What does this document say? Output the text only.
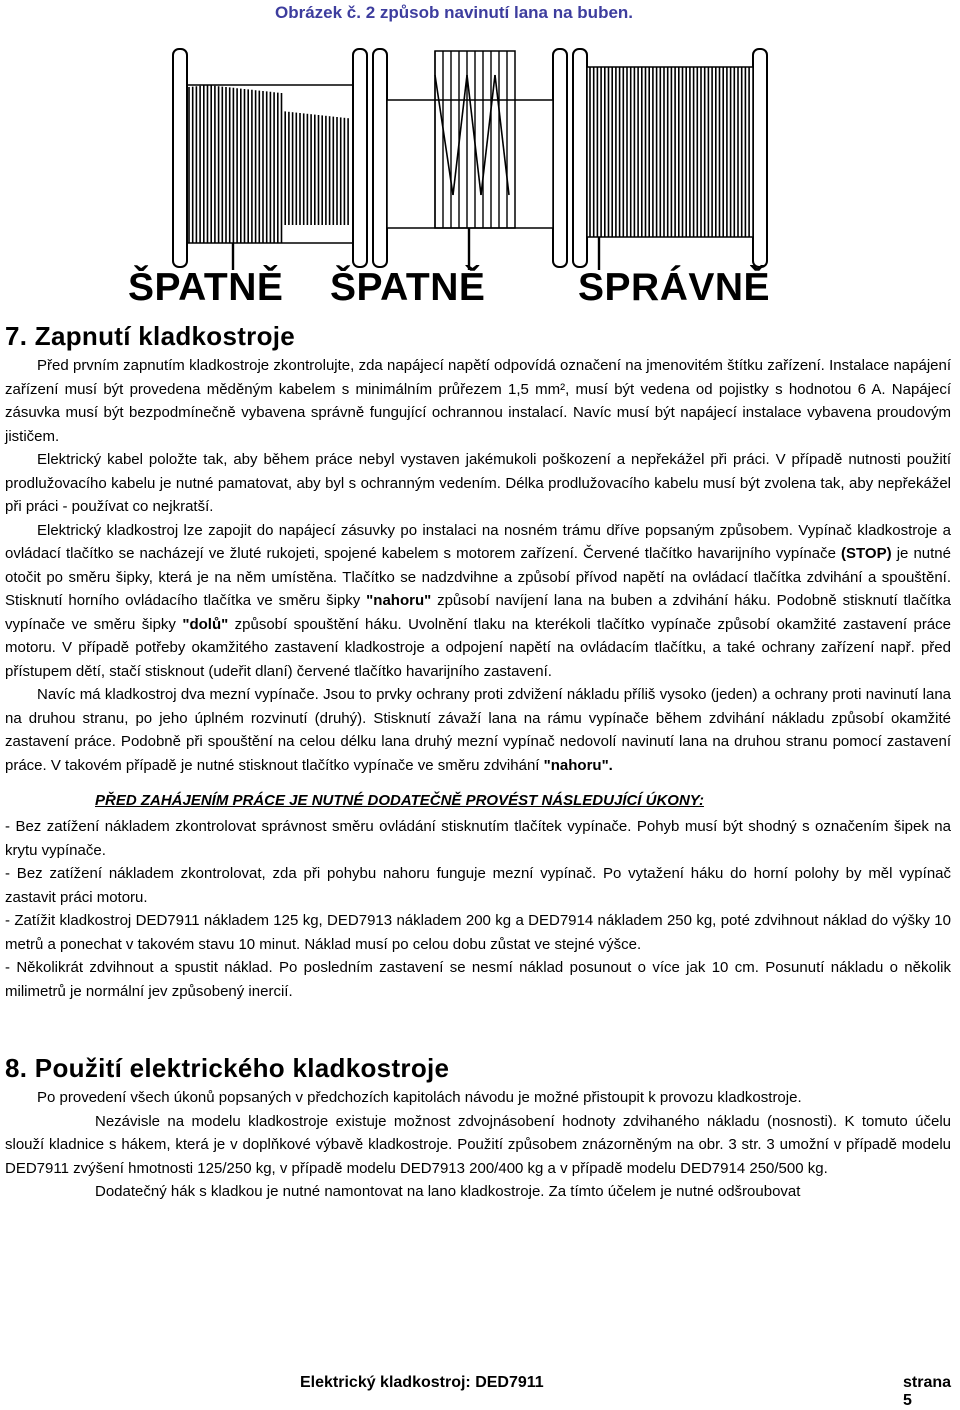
Obrázek č. 2 způsob navinutí lana na buben.
ŠPATNĚ ŠPATNĚ SPRÁVNĚ
7. Zapnutí kladkostroje

Před prvním zapnutím kladkostroje zkontrolujte, zda napájecí napětí odpovídá označení na jmenovitém štítku zařízení. Instalace napájení zařízení musí být provedena měděným kabelem s minimálním průřezem 1,5 mm², musí být vedena od pojistky s hodnotou 6 A. Napájecí zásuvka musí být bezpodmínečně vybavena správně fungující ochrannou instalací. Navíc musí být napájecí instalace vybavena proudovým jističem.

Elektrický kabel položte tak, aby během práce nebyl vystaven jakémukoli poškození a nepřekážel při práci. V případě nutnosti použití prodlužovacího kabelu je nutné pamatovat, aby byl s ochranným vedením. Délka prodlužovacího kabelu musí být zvolena tak, aby nepřekážel při práci - používat co nejkratší.

Elektrický kladkostroj lze zapojit do napájecí zásuvky po instalaci na nosném trámu dříve popsaným způsobem. Vypínač kladkostroje a ovládací tlačítko se nacházejí ve žluté rukojeti, spojené kabelem s motorem zařízení. Červené tlačítko havarijního vypínače (STOP) je nutné otočit po směru šipky, která je na něm umístěna. Tlačítko se nadzdvihne a způsobí přívod napětí na ovládací tlačítka zdvihání a spouštění. Stisknutí horního ovládacího tlačítka ve směru šipky "nahoru" způsobí navíjení lana na buben a zdvihání háku. Podobně stisknutí tlačítka vypínače ve směru šipky "dolů" způsobí spouštění háku. Uvolnění tlaku na kterékoli tlačítko vypínače způsobí okamžité zastavení práce motoru. V případě potřeby okamžitého zastavení kladkostroje a odpojení napětí na ovládacím tlačítku, a také ochrany zařízení např. před přístupem dětí, stačí stisknout (udeřit dlaní) červené tlačítko havarijního zastavení.

Navíc má kladkostroj dva mezní vypínače. Jsou to prvky ochrany proti zdvižení nákladu příliš vysoko (jeden) a ochrany proti navinutí lana na druhou stranu, po jeho úplném rozvinutí (druhý). Stisknutí závaží lana na rámu vypínače během zdvihání nákladu způsobí okamžité zastavení práce. Podobně při spouštění na celou délku lana druhý mezní vypínač nedovolí navinutí lana na druhou stranu pomocí zastavení práce. V takovém případě je nutné stisknout tlačítko vypínače ve směru zdvihání "nahoru".

PŘED ZAHÁJENÍM PRÁCE JE NUTNÉ DODATEČNĚ PROVÉST NÁSLEDUJÍCÍ ÚKONY:

- Bez zatížení nákladem zkontrolovat správnost směru ovládání stisknutím tlačítek vypínače. Pohyb musí být shodný s označením šipek na krytu vypínače.

- Bez zatížení nákladem zkontrolovat, zda při pohybu nahoru funguje mezní vypínač. Po vytažení háku do horní polohy by měl vypínač zastavit práci motoru.

- Zatížit kladkostroj DED7911 nákladem 125 kg, DED7913 nákladem 200 kg a DED7914 nákladem 250 kg, poté zdvihnout náklad do výšky 10 metrů a ponechat v takovém stavu 10 minut. Náklad musí po celou dobu zůstat ve stejné výšce.

- Několikrát zdvihnout a spustit náklad. Po posledním zastavení se nesmí náklad posunout o více jak 10 cm. Posunutí nákladu o několik milimetrů je normální jev způsobený inercií.

8. Použití elektrického kladkostroje

Po provedení všech úkonů popsaných v předchozích kapitolách návodu je možné přistoupit k provozu kladkostroje.

Nezávisle na modelu kladkostroje existuje možnost zdvojnásobení hodnoty zdvihaného nákladu (nosnosti). K tomuto účelu slouží kladnice s hákem, která je v doplňkové výbavě kladkostroje. Použití způsobem znázorněným na obr. 3 str. 3 umožní v případě modelu DED7911 zvýšení hmotnosti 125/250 kg, v případě modelu DED7913 200/400 kg a v případě modelu DED7914 250/500 kg.

Dodatečný hák s kladkou je nutné namontovat na lano kladkostroje. Za tímto účelem je nutné odšroubovat

Elektrický kladkostroj: DED7911	strana 5
